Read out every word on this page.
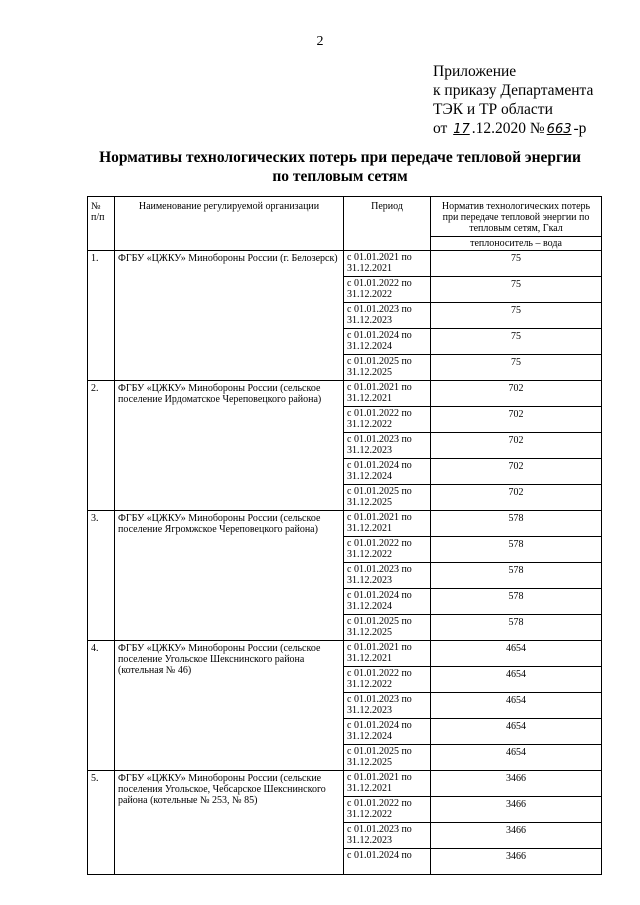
2
Приложение
к приказу Департамента
ТЭК и ТР области
от 17 .12.2020 № 663 -р
Нормативы технологических потерь при передаче тепловой энергии
по тепловым сетям
№ п/п	Наименование регулируемой организации	Период	Норматив технологических потерь при передаче тепловой энергии по тепловым сетям, Гкал
теплоноситель – вода

1.	ФГБУ «ЦЖКУ» Минобороны России (г. Белозерск)	с 01.01.2021 по
31.12.2021	75

		с 01.01.2022 по
31.12.2022	75

		с 01.01.2023 по
31.12.2023	75

		с 01.01.2024 по
31.12.2024	75

		с 01.01.2025 по
31.12.2025	75
2.	ФГБУ «ЦЖКУ» Минобороны России (сельское поселение Ирдоматское Череповецкого района)	с 01.01.2021 по
31.12.2021	702

		с 01.01.2022 по
31.12.2022	702

		с 01.01.2023 по
31.12.2023	702

		с 01.01.2024 по
31.12.2024	702

		с 01.01.2025 по
31.12.2025	702
3.	ФГБУ «ЦЖКУ» Минобороны России (сельское поселение Ягромжское Череповецкого района)	с 01.01.2021 по
31.12.2021	578

		с 01.01.2022 по
31.12.2022	578

		с 01.01.2023 по
31.12.2023	578

		с 01.01.2024 по
31.12.2024	578

		с 01.01.2025 по
31.12.2025	578
4.	ФГБУ «ЦЖКУ» Минобороны России (сельское поселение Угольское Шекснинского района (котельная № 46)	с 01.01.2021 по
31.12.2021	4654

		с 01.01.2022 по
31.12.2022	4654

		с 01.01.2023 по
31.12.2023	4654

		с 01.01.2024 по
31.12.2024	4654

		с 01.01.2025 по
31.12.2025	4654
5.	ФГБУ «ЦЖКУ» Минобороны России (сельские поселения Угольское, Чебсарское Шекснинского района (котельные № 253, № 85)	с 01.01.2021 по
31.12.2021	3466

		с 01.01.2022 по
31.12.2022	3466

		с 01.01.2023 по
31.12.2023	3466

		с 01.01.2024 по	3466
